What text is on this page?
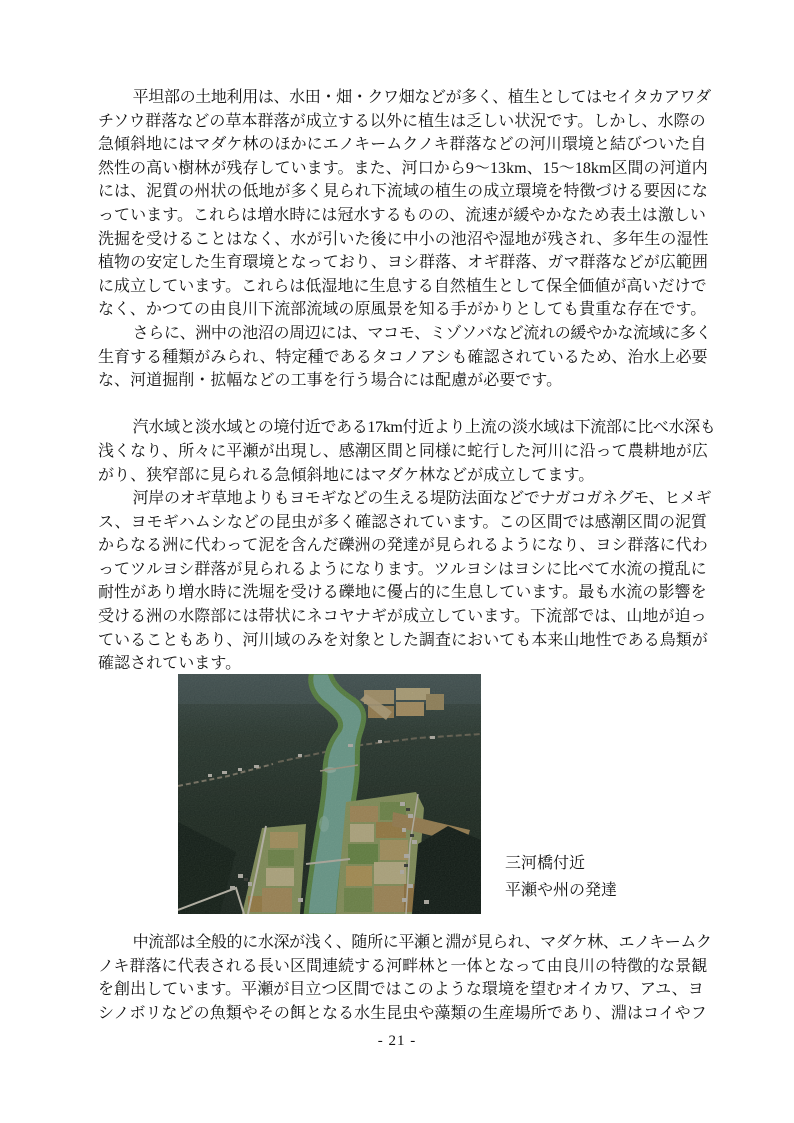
　平坦部の土地利用は、水田・畑・クワ畑などが多く、植生としてはセイタカアワダ
チソウ群落などの草本群落が成立する以外に植生は乏しい状況です。しかし、水際の
急傾斜地にはマダケ林のほかにエノキームクノキ群落などの河川環境と結びついた自
然性の高い樹林が残存しています。また、河口から9～13km、15～18km区間の河道内
には、泥質の州状の低地が多く見られ下流域の植生の成立環境を特徴づける要因にな
っています。これらは増水時には冠水するものの、流速が緩やかなため表土は激しい
洗掘を受けることはなく、水が引いた後に中小の池沼や湿地が残され、多年生の湿性
植物の安定した生育環境となっており、ヨシ群落、オギ群落、ガマ群落などが広範囲
に成立しています。これらは低湿地に生息する自然植生として保全価値が高いだけで
なく、かつての由良川下流部流域の原風景を知る手がかりとしても貴重な存在です。
　さらに、洲中の池沼の周辺には、マコモ、ミゾソバなど流れの緩やかな流域に多く
生育する種類がみられ、特定種であるタコノアシも確認されているため、治水上必要
な、河道掘削・拡幅などの工事を行う場合には配慮が必要です。
　汽水域と淡水域との境付近である17km付近より上流の淡水域は下流部に比べ水深も
浅くなり、所々に平瀬が出現し、感潮区間と同様に蛇行した河川に沿って農耕地が広
がり、狭窄部に見られる急傾斜地にはマダケ林などが成立してます。
　河岸のオギ草地よりもヨモギなどの生える堤防法面などでナガコガネグモ、ヒメギ
ス、ヨモギハムシなどの昆虫が多く確認されています。この区間では感潮区間の泥質
からなる洲に代わって泥を含んだ礫洲の発達が見られるようになり、ヨシ群落に代わ
ってツルヨシ群落が見られるようになります。ツルヨシはヨシに比べて水流の撹乱に
耐性があり増水時に洗堀を受ける礫地に優占的に生息しています。最も水流の影響を
受ける洲の水際部には帯状にネコヤナギが成立しています。下流部では、山地が迫っ
ていることもあり、河川域のみを対象とした調査においても本来山地性である鳥類が
確認されています。
三河橋付近
平瀬や州の発達
　中流部は全般的に水深が浅く、随所に平瀬と淵が見られ、マダケ林、エノキームク
ノキ群落に代表される長い区間連続する河畔林と一体となって由良川の特徴的な景観
を創出しています。平瀬が目立つ区間ではこのような環境を望むオイカワ、アユ、ヨ
シノボリなどの魚類やその餌となる水生昆虫や藻類の生産場所であり、淵はコイやフ
- 21 -
